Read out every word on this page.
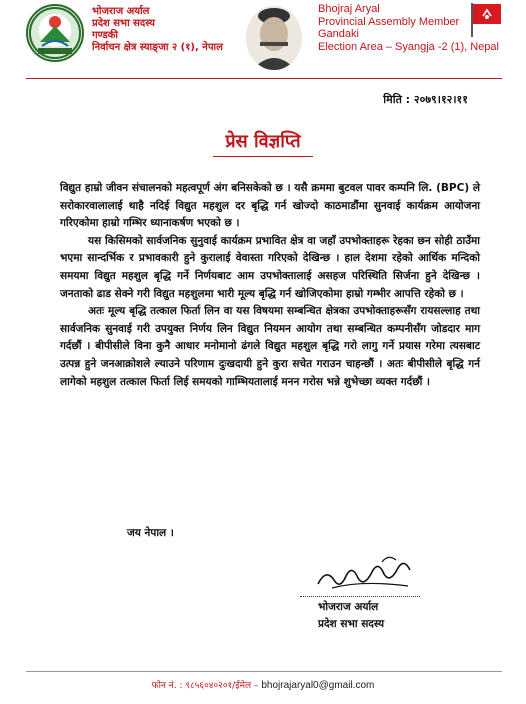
भोजराज अर्याल
प्रदेश सभा सदस्य
गण्डकी
निर्वाचन क्षेत्र स्याङ्जा २ (१), नेपाल
Bhojraj Aryal
Provincial Assembly Member
Gandaki
Election Area – Syangja -2 (1), Nepal
मिति : २०७९।१२।११
प्रेस विज्ञप्ति

विद्युत हाम्रो जीवन संचालनको महत्वपूर्ण अंग बनिसकेको छ । यसै क्रममा बुटवल पावर कम्पनि लि. (BPC) ले सरोकारवालालाई थाहै नदिई विद्युत महशुल दर बृद्धि गर्न खोज्दो काठमाडौंमा सुनवाई कार्यक्रम आयोजना गरिएकोमा हाम्रो गम्भिर ध्यानाकर्षण भएको छ ।

यस किसिमको सार्वजनिक सुनुवाई कार्यक्रम प्रभावित क्षेत्र वा जहाँ उपभोक्ताहरू रेहका छन सोही ठाउँमा भएमा सान्दर्भिक र प्रभावकारी हुने कुरालाई वेवास्ता गरिएको देखिन्छ । हाल देशमा रहेको आर्थिक मन्दिको समयमा विद्युत महशुल बृद्धि गर्ने निर्णयबाट आम उपभोक्तालाई असहज परिस्थिति सिर्जना हुने देखिन्छ । जनताको ढाड सेक्ने गरी विद्युत महशुलमा भारी मूल्य बृद्धि गर्न खोजिएकोमा हाम्रो गम्भीर आपत्ति रहेको छ ।

अतः मूल्य बृद्धि तत्काल फिर्ता लिन वा यस विषयमा सम्बन्धित क्षेत्रका उपभोक्ताहरूसँग रायसल्लाह तथा सार्वजनिक सुनवाई गरी उपयुक्त निर्णय लिन विद्युत नियमन आयोग तथा सम्बन्धित कम्पनीसँग जोडदार माग गर्दछौं । बीपीसीले विना कुनै आधार मनोमानो ढंगले विद्युत महशुल बृद्धि गरो लागु गर्ने प्रयास गरेमा त्यसबाट उत्पन्न हुने जनआक्रोशले ल्याउने परिणाम दुःखदायी हुने कुरा सचेत गराउन चाहन्छौं । अतः बीपीसीले बृद्धि गर्न लागेको महशुल तत्काल फिर्ता लिई समयको गाम्भियतालाई मनन गरोस भन्ने शुभेच्छा व्यक्त गर्दछौं ।

जय नेपाल ।
भोजराज अर्याल
प्रदेश सभा सदस्य
फोन नं. : ९८५६०४०२०१/ईमेल – bhojrajaryal0@gmail.com
